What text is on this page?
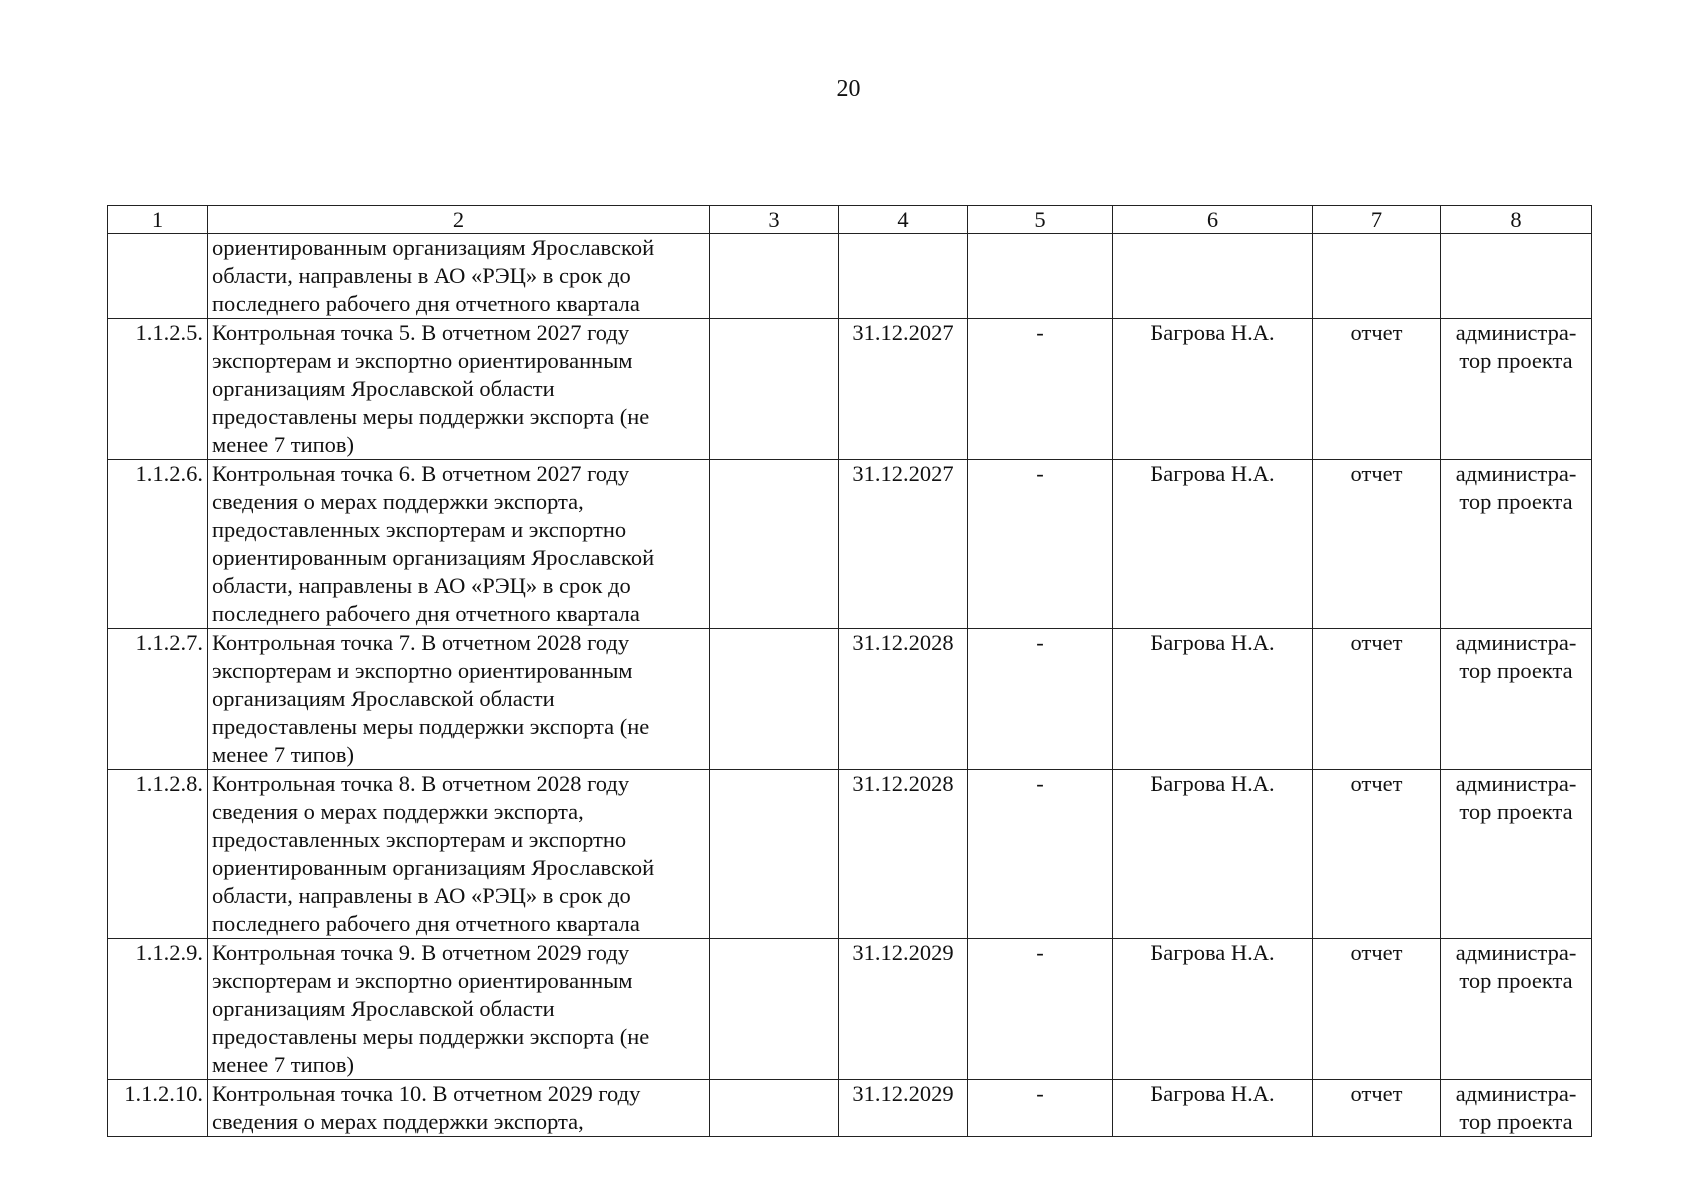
20
1	2	3	4	5	6	7	8
	ориентированным организациям Ярославской области, направлены в АО «РЭЦ» в срок до последнего рабочего дня отчетного квартала						
1.1.2.5.	Контрольная точка 5. В отчетном 2027 году экспортерам и экспортно ориентированным организациям Ярославской области предоставлены меры поддержки экспорта (не менее 7 типов)		31.12.2027	-	Багрова Н.А.	отчет	администра-тор проекта
1.1.2.6.	Контрольная точка 6. В отчетном 2027 году сведения о мерах поддержки экспорта, предоставленных экспортерам и экспортно ориентированным организациям Ярославской области, направлены в АО «РЭЦ» в срок до последнего рабочего дня отчетного квартала		31.12.2027	-	Багрова Н.А.	отчет	администра-тор проекта
1.1.2.7.	Контрольная точка 7. В отчетном 2028 году экспортерам и экспортно ориентированным организациям Ярославской области предоставлены меры поддержки экспорта (не менее 7 типов)		31.12.2028	-	Багрова Н.А.	отчет	администра-тор проекта
1.1.2.8.	Контрольная точка 8. В отчетном 2028 году сведения о мерах поддержки экспорта, предоставленных экспортерам и экспортно ориентированным организациям Ярославской области, направлены в АО «РЭЦ» в срок до последнего рабочего дня отчетного квартала		31.12.2028	-	Багрова Н.А.	отчет	администра-тор проекта
1.1.2.9.	Контрольная точка 9. В отчетном 2029 году экспортерам и экспортно ориентированным организациям Ярославской области предоставлены меры поддержки экспорта (не менее 7 типов)		31.12.2029	-	Багрова Н.А.	отчет	администра-тор проекта
1.1.2.10.	Контрольная точка 10. В отчетном 2029 году сведения о мерах поддержки экспорта,		31.12.2029	-	Багрова Н.А.	отчет	администра-тор проекта
